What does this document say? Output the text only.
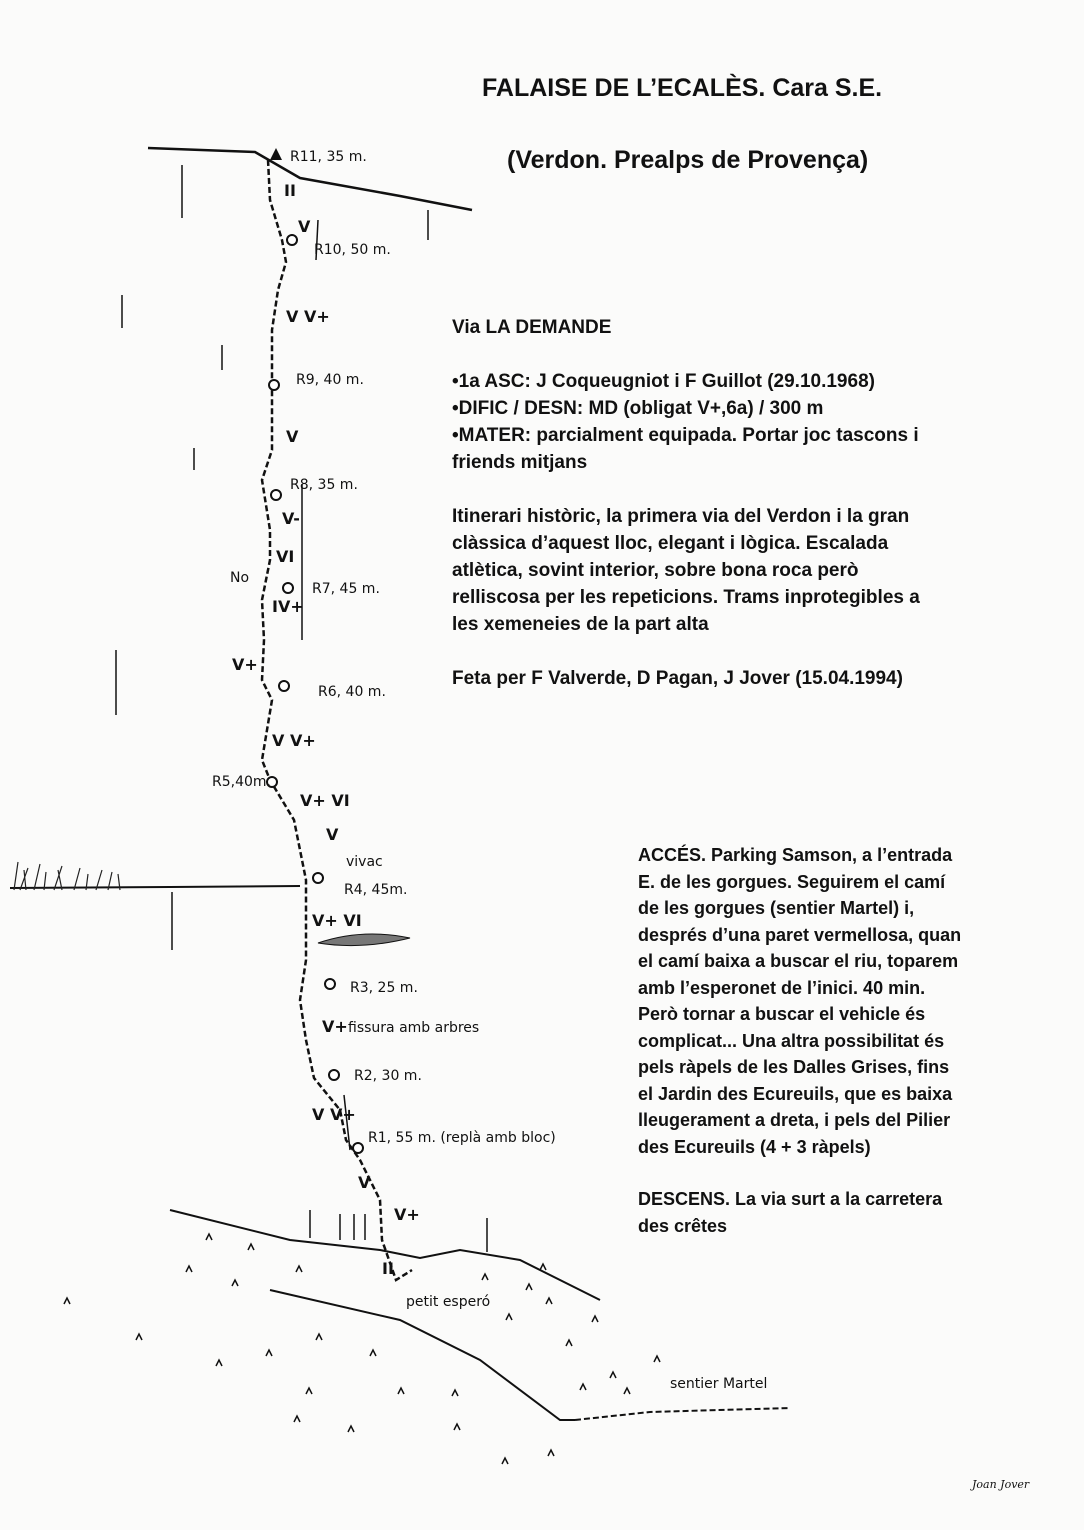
R11, 35 m.
R10, 50 m.
R9, 40 m.
R8, 35 m.
R7, 45 m.
R6, 40 m.
R5,40m.
R4, 45m.
R3, 25 m.
R2, 30 m.
R1, 55 m. (replà amb bloc)
II
V
V V+
V
V-
VI
IV+
V+
V V+
V+ VI
V
V+ VI
V+
V V+
V
V+
II
No
vivac
fissura amb arbres
petit esperó
sentier Martel
FALAISE DE L’ECALÈS. Cara S.E.
(Verdon. Prealps de Provença)

Via LA DEMANDE

•1a ASC: J Coqueugniot i F Guillot (29.10.1968)

•DIFIC / DESN: MD (obligat V+,6a) / 300 m

•MATER: parcialment equipada. Portar joc tascons i

friends mitjans

Itinerari històric, la primera via del Verdon i la gran

clàssica d’aquest lloc, elegant i lògica. Escalada

atlètica, sovint interior, sobre bona roca però

relliscosa per les repeticions. Trams inprotegibles a

les xemeneies de la part alta

Feta per F Valverde, D Pagan, J Jover (15.04.1994)

ACCÉS. Parking Samson, a l’entrada

E. de les gorgues. Seguirem el camí

de les gorgues (sentier Martel) i,

després d’una paret vermellosa, quan

el camí baixa a buscar el riu, toparem

amb l’esperonet de l’inici. 40 min.

Però tornar a buscar el vehicle és

complicat... Una altra possibilitat és

pels ràpels de les Dalles Grises, fins

el Jardin des Ecureuils, que es baixa

lleugerament a dreta, i pels del Pilier

des Ecureuils (4 + 3 ràpels)

DESCENS. La via surt a la carretera

des crêtes

Joan Jover
